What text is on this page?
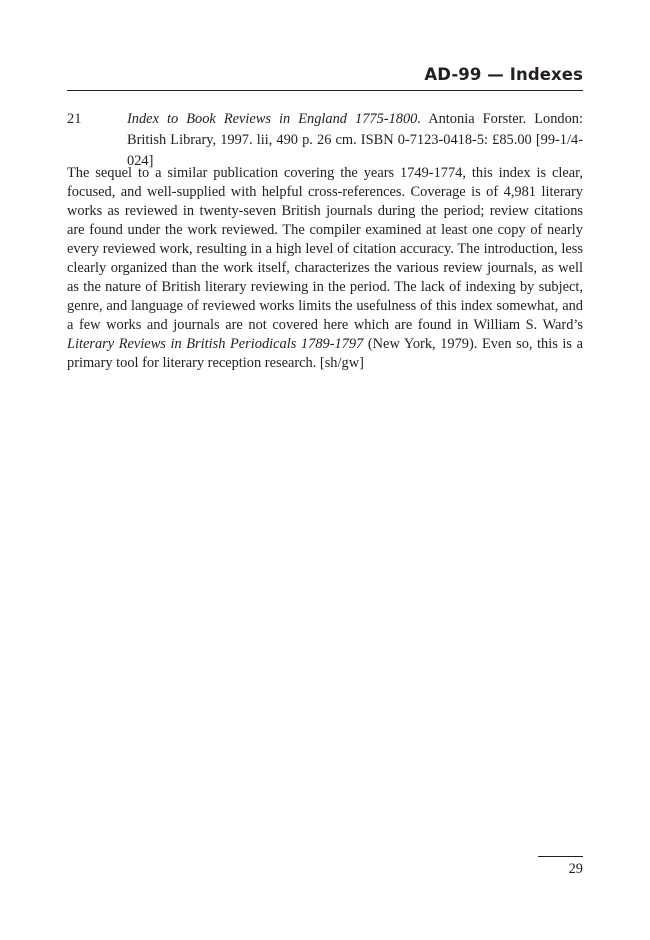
AD-99 — Indexes
21	Index to Book Reviews in England 1775-1800. Antonia Forster. London: British Library, 1997. lii, 490 p. 26 cm. ISBN 0-7123-0418-5: £85.00 [99-1/4-024]

The sequel to a similar publication covering the years 1749-1774, this index is clear, focused, and well-supplied with helpful cross-references. Coverage is of 4,981 literary works as reviewed in twenty-seven British journals during the period; review citations are found under the work reviewed. The compiler examined at least one copy of nearly every reviewed work, resulting in a high level of citation accuracy. The introduction, less clearly organized than the work itself, characterizes the various review journals, as well as the nature of British literary reviewing in the period. The lack of indexing by subject, genre, and language of reviewed works limits the usefulness of this index somewhat, and a few works and journals are not covered here which are found in William S. Ward’s Literary Reviews in British Periodicals 1789-1797 (New York, 1979). Even so, this is a primary tool for literary reception research. [sh/gw]

29
